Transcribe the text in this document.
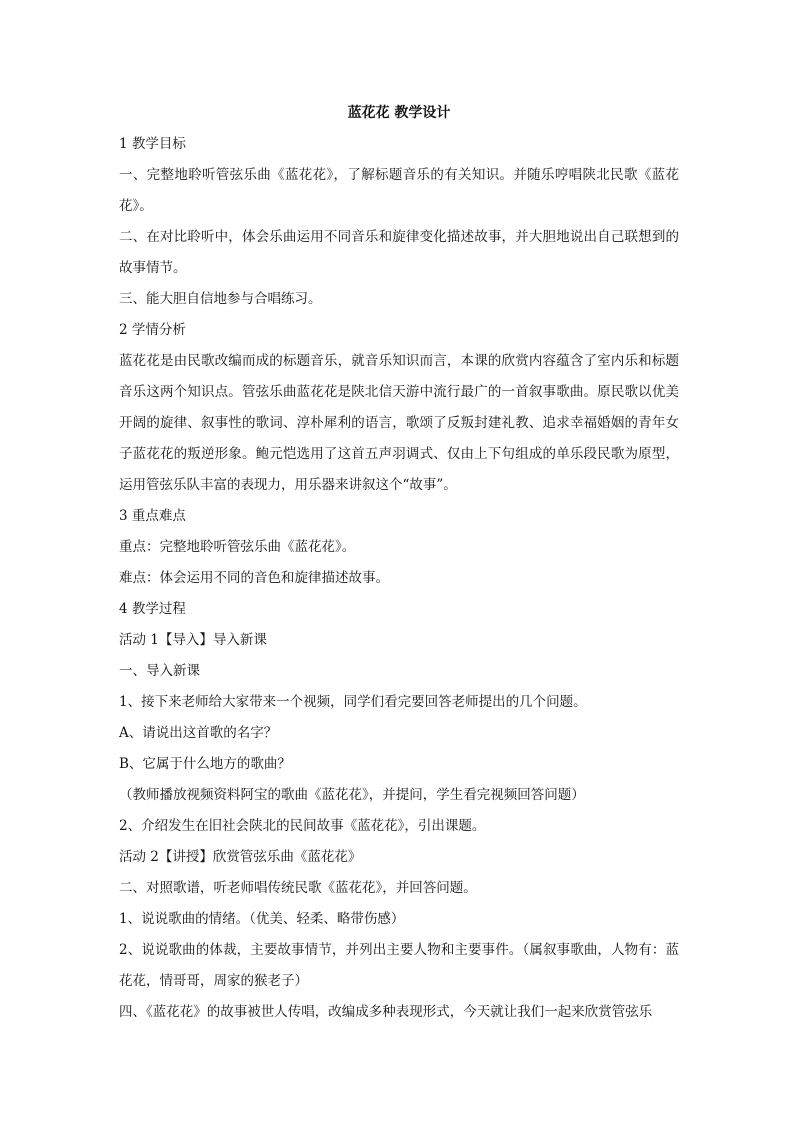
蓝花花 教学设计

1 教学目标

一、完整地聆听管弦乐曲《蓝花花》，了解标题音乐的有关知识。并随乐哼唱陕北民歌《蓝花花》。

二、在对比聆听中，体会乐曲运用不同音乐和旋律变化描述故事，并大胆地说出自己联想到的故事情节。

三、能大胆自信地参与合唱练习。

2 学情分析

蓝花花是由民歌改编而成的标题音乐，就音乐知识而言，本课的欣赏内容蕴含了室内乐和标题音乐这两个知识点。管弦乐曲蓝花花是陕北信天游中流行最广的一首叙事歌曲。原民歌以优美开阔的旋律、叙事性的歌词、淳朴犀利的语言，歌颂了反叛封建礼教、追求幸福婚姻的青年女子蓝花花的叛逆形象。鲍元恺选用了这首五声羽调式、仅由上下句组成的单乐段民歌为原型，运用管弦乐队丰富的表现力，用乐器来讲叙这个“故事”。

3 重点难点

重点：完整地聆听管弦乐曲《蓝花花》。

难点：体会运用不同的音色和旋律描述故事。

4 教学过程

活动 1【导入】导入新课

一、导入新课

1、接下来老师给大家带来一个视频，同学们看完要回答老师提出的几个问题。

A、请说出这首歌的名字？

B、它属于什么地方的歌曲？

（教师播放视频资料阿宝的歌曲《蓝花花》，并提问，学生看完视频回答问题）

2、介绍发生在旧社会陕北的民间故事《蓝花花》，引出课题。

活动 2【讲授】欣赏管弦乐曲《蓝花花》

二、对照歌谱，听老师唱传统民歌《蓝花花》，并回答问题。

1、说说歌曲的情绪。（优美、轻柔、略带伤感）

2、说说歌曲的体裁，主要故事情节，并列出主要人物和主要事件。（属叙事歌曲，人物有：蓝花花，情哥哥，周家的猴老子）

四、《蓝花花》的故事被世人传唱，改编成多种表现形式，今天就让我们一起来欣赏管弦乐
